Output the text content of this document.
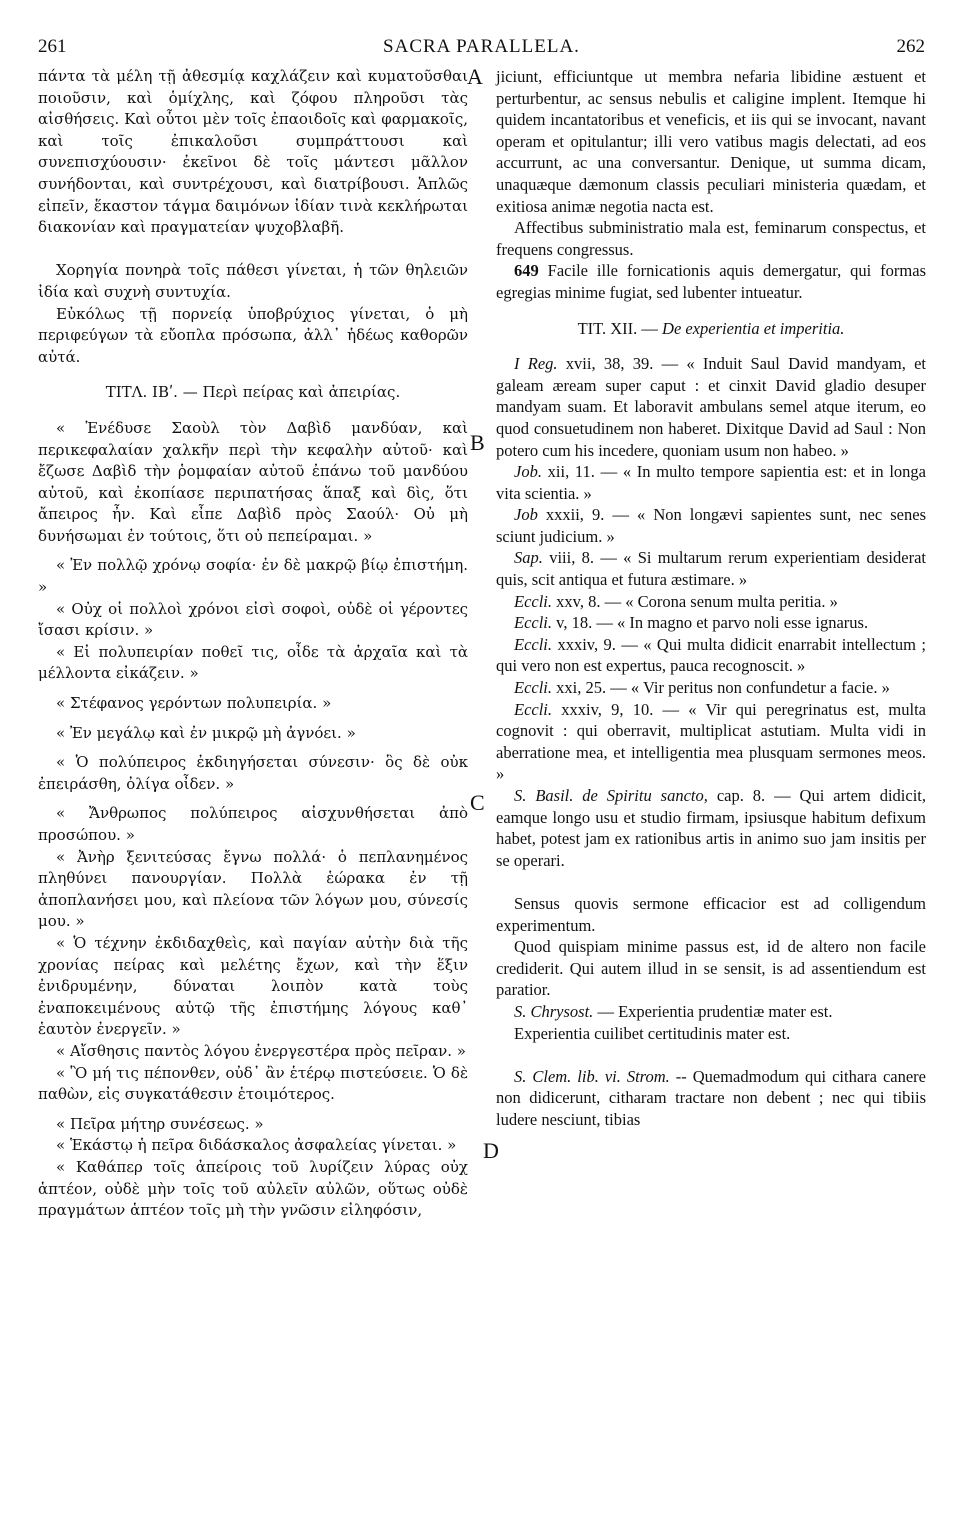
SACRA PARALLELA.
261	262
A
B
C
D

πάντα τὰ μέλη τῇ ἀθεσμίᾳ καχλάζειν καὶ κυματοῦσθαι ποιοῦσιν, καὶ ὁμίχλης, καὶ ζόφου πληροῦσι τὰς αἰσθήσεις. Καὶ οὗτοι μὲν τοῖς ἐπαοιδοῖς καὶ φαρμακοῖς, καὶ τοῖς ἐπικαλοῦσι συμπράττουσι καὶ συνεπισχύουσιν· ἐκεῖνοι δὲ τοῖς μάντεσι μᾶλλον συνήδονται, καὶ συντρέχουσι, καὶ διατρίβουσι. Ἁπλῶς εἰπεῖν, ἕκαστον τάγμα δαιμόνων ἰδίαν τινὰ κεκλήρωται διακονίαν καὶ πραγματείαν ψυχοβλαβῆ.

Χορηγία πονηρὰ τοῖς πάθεσι γίνεται, ἡ τῶν θηλειῶν ἰδία καὶ συχνὴ συντυχία.

Εὐκόλως τῇ πορνείᾳ ὑποβρύχιος γίνεται, ὁ μὴ περιφεύγων τὰ εὔοπλα πρόσωπα, ἀλλ᾽ ἡδέως καθορῶν αὐτά.

ΤΙΤΛ. ΙΒʹ. — Περὶ πείρας καὶ ἀπειρίας.

« Ἐνέδυσε Σαοὺλ τὸν Δαβὶδ μανδύαν, καὶ περικεφαλαίαν χαλκῆν περὶ τὴν κεφαλὴν αὐτοῦ· καὶ ἔζωσε Δαβὶδ τὴν ῥομφαίαν αὐτοῦ ἐπάνω τοῦ μανδύου αὐτοῦ, καὶ ἐκοπίασε περιπατήσας ἅπαξ καὶ δὶς, ὅτι ἄπειρος ἦν. Καὶ εἶπε Δαβὶδ πρὸς Σαούλ· Οὐ μὴ δυνήσωμαι ἐν τούτοις, ὅτι οὐ πεπείραμαι. »

« Ἐν πολλῷ χρόνῳ σοφία· ἐν δὲ μακρῷ βίῳ ἐπιστήμη. »

« Οὐχ οἱ πολλοὶ χρόνοι εἰσὶ σοφοὶ, οὐδὲ οἱ γέροντες ἴσασι κρίσιν. »

« Εἰ πολυπειρίαν ποθεῖ τις, οἶδε τὰ ἀρχαῖα καὶ τὰ μέλλοντα εἰκάζειν. »

« Στέφανος γερόντων πολυπειρία. »

« Ἐν μεγάλῳ καὶ ἐν μικρῷ μὴ ἀγνόει. »

« Ὁ πολύπειρος ἐκδιηγήσεται σύνεσιν· ὃς δὲ οὐκ ἐπειράσθη, ὀλίγα οἶδεν. »

« Ἄνθρωπος πολύπειρος αἰσχυνθήσεται ἀπὸ προσώπου. »

« Ἀνὴρ ξενιτεύσας ἔγνω πολλά· ὁ πεπλανημένος πληθύνει πανουργίαν. Πολλὰ ἑώρακα ἐν τῇ ἀποπλανήσει μου, καὶ πλείονα τῶν λόγων μου, σύνεσίς μου. »

« Ὁ τέχνην ἐκδιδαχθεὶς, καὶ παγίαν αὐτὴν διὰ τῆς χρονίας πείρας καὶ μελέτης ἔχων, καὶ τὴν ἕξιν ἐνιδρυμένην, δύναται λοιπὸν κατὰ τοὺς ἐναποκειμένους αὐτῷ τῆς ἐπιστήμης λόγους καθ᾽ ἑαυτὸν ἐνεργεῖν. »

« Αἴσθησις παντὸς λόγου ἐνεργεστέρα πρὸς πεῖραν. »

« Ὃ μή τις πέπονθεν, οὐδ᾽ ἂν ἑτέρῳ πιστεύσειε. Ὁ δὲ παθὼν, εἰς συγκατάθεσιν ἑτοιμότερος.

« Πεῖρα μήτηρ συνέσεως. »

« Ἑκάστῳ ἡ πεῖρα διδάσκαλος ἀσφαλείας γίνεται. »

« Καθάπερ τοῖς ἀπείροις τοῦ λυρίζειν λύρας οὐχ ἁπτέον, οὐδὲ μὴν τοῖς τοῦ αὐλεῖν αὐλῶν, οὕτως οὐδὲ πραγμάτων ἁπτέον τοῖς μὴ τὴν γνῶσιν εἰληφόσιν,

jiciunt, efficiuntque ut membra nefaria libidine æstuent et perturbentur, ac sensus nebulis et caligine implent. Itemque hi quidem incantatoribus et veneficis, et iis qui se invocant, navant operam et opitulantur; illi vero vatibus magis delectati, ad eos accurrunt, ac una conversantur. Denique, ut summa dicam, unaquæque dæmonum classis peculiari ministeria quædam, et exitiosa animæ negotia nacta est.

Affectibus subministratio mala est, feminarum conspectus, et frequens congressus.

649 Facile ille fornicationis aquis demergatur, qui formas egregias minime fugiat, sed lubenter intueatur.

TIT. XII. — De experientia et imperitia.

I Reg. xvii, 38, 39. — « Induit Saul David mandyam, et galeam æream super caput : et cinxit David gladio desuper mandyam suam. Et laboravit ambulans semel atque iterum, eo quod consuetudinem non haberet. Dixitque David ad Saul : Non potero cum his incedere, quoniam usum non habeo. »

Job. xii, 11. — « In multo tempore sapientia est: et in longa vita scientia. »

Job xxxii, 9. — « Non longævi sapientes sunt, nec senes sciunt judicium. »

Sap. viii, 8. — « Si multarum rerum experientiam desiderat quis, scit antiqua et futura æstimare. »

Eccli. xxv, 8. — « Corona senum multa peritia. »

Eccli. v, 18. — « In magno et parvo noli esse ignarus.

Eccli. xxxiv, 9. — « Qui multa didicit enarrabit intellectum ; qui vero non est expertus, pauca recognoscit. »

Eccli. xxi, 25. — « Vir peritus non confundetur a facie. »

Eccli. xxxiv, 9, 10. — « Vir qui peregrinatus est, multa cognovit : qui oberravit, multiplicat astutiam. Multa vidi in aberratione mea, et intelligentia mea plusquam sermones meos. »

S. Basil. de Spiritu sancto, cap. 8. — Qui artem didicit, eamque longo usu et studio firmam, ipsiusque habitum defixum habet, potest jam ex rationibus artis in animo suo jam insitis per se operari.

Sensus quovis sermone efficacior est ad colligendum experimentum.

Quod quispiam minime passus est, id de altero non facile crediderit. Qui autem illud in se sensit, is ad assentiendum est paratior.

S. Chrysost. — Experientia prudentiæ mater est.

Experientia cuilibet certitudinis mater est.

S. Clem. lib. vi. Strom. -- Quemadmodum qui cithara canere non didicerunt, citharam tractare non debent ; nec qui tibiis ludere nesciunt, tibias
